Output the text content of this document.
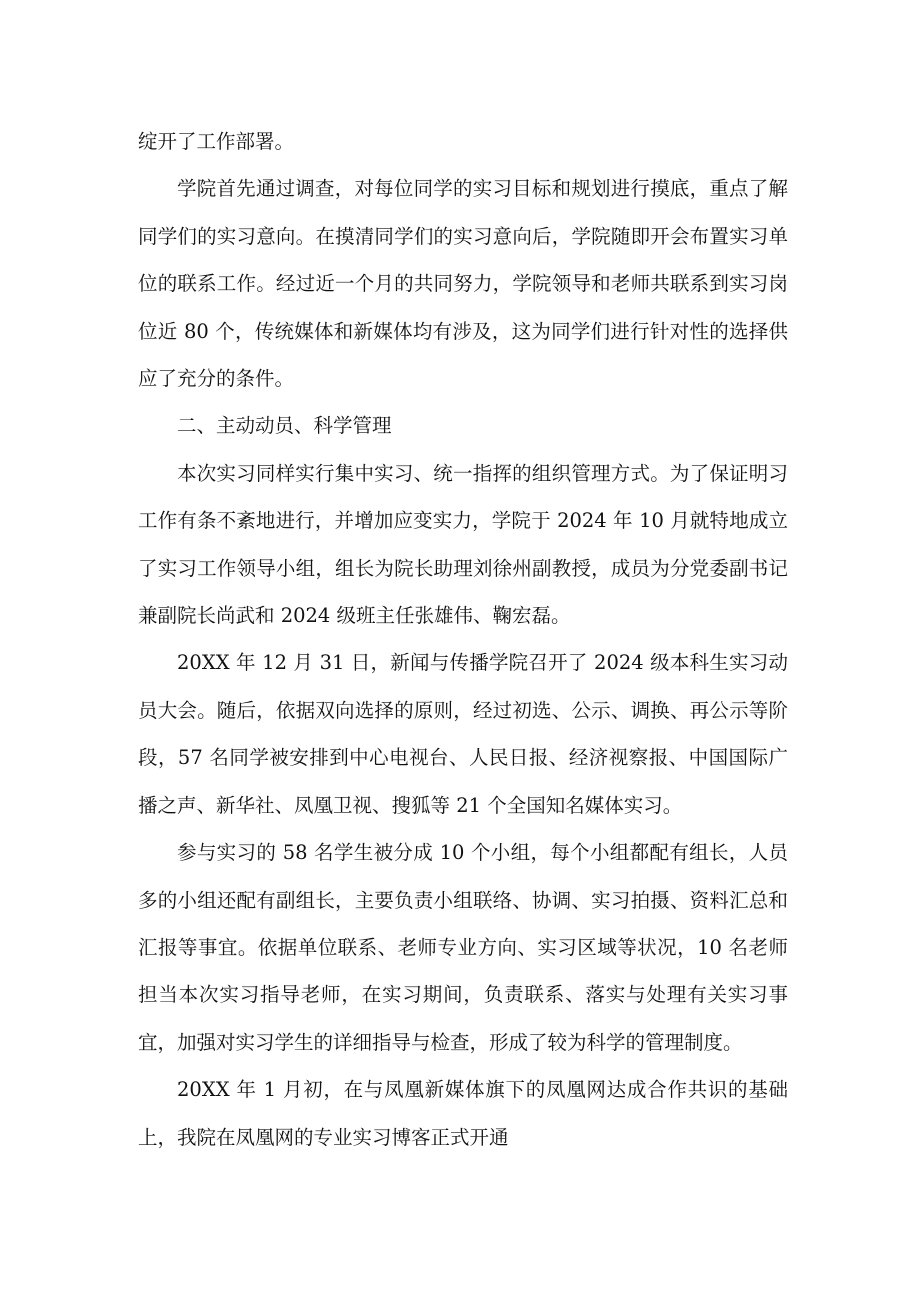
绽开了工作部署。

学院首先通过调查，对每位同学的实习目标和规划进行摸底，重点了解同学们的实习意向。在摸清同学们的实习意向后，学院随即开会布置实习单位的联系工作。经过近一个月的共同努力，学院领导和老师共联系到实习岗位近 80 个，传统媒体和新媒体均有涉及，这为同学们进行针对性的选择供应了充分的条件。

二、主动动员、科学管理

本次实习同样实行集中实习、统一指挥的组织管理方式。为了保证明习工作有条不紊地进行，并增加应变实力，学院于 2024 年 10 月就特地成立了实习工作领导小组，组长为院长助理刘徐州副教授，成员为分党委副书记兼副院长尚武和 2024 级班主任张雄伟、鞠宏磊。

20XX 年 12 月 31 日，新闻与传播学院召开了 2024 级本科生实习动员大会。随后，依据双向选择的原则，经过初选、公示、调换、再公示等阶段，57 名同学被安排到中心电视台、人民日报、经济视察报、中国国际广播之声、新华社、凤凰卫视、搜狐等 21 个全国知名媒体实习。

参与实习的 58 名学生被分成 10 个小组，每个小组都配有组长，人员多的小组还配有副组长，主要负责小组联络、协调、实习拍摄、资料汇总和汇报等事宜。依据单位联系、老师专业方向、实习区域等状况，10 名老师担当本次实习指导老师，在实习期间，负责联系、落实与处理有关实习事宜，加强对实习学生的详细指导与检查，形成了较为科学的管理制度。

20XX 年 1 月初，在与凤凰新媒体旗下的凤凰网达成合作共识的基础上，我院在凤凰网的专业实习博客正式开通
